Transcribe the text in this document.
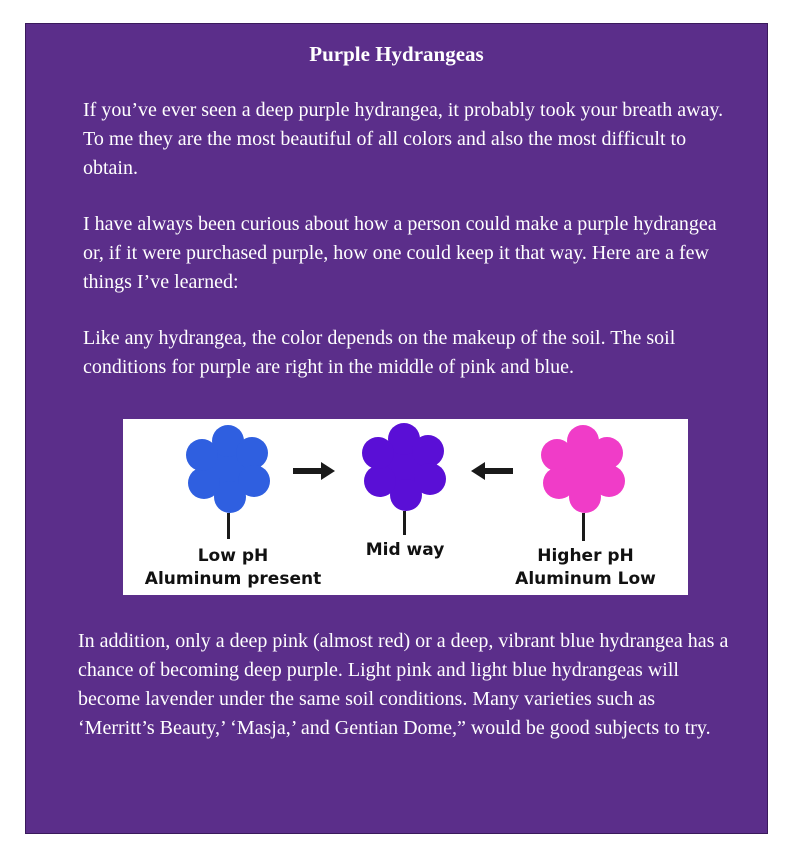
Purple Hydrangeas

If you’ve ever seen a deep purple hydrangea, it probably took your breath away. To me they are the most beautiful of all colors and also the most difficult to obtain.

I have always been curious about how a person could make a purple hydrangea or, if it were purchased purple, how one could keep it that way. Here are a few things I’ve learned:

Like any hydrangea, the color depends on the makeup of the soil. The soil conditions for purple are right in the middle of pink and blue.

Low pH
Aluminum present
Mid way	Higher pH
Aluminum Low

In addition, only a deep pink (almost red) or a deep, vibrant blue hydrangea has a chance of becoming deep purple. Light pink and light blue hydrangeas will become lavender under the same soil conditions. Many varieties such as ‘Merritt’s Beauty,’ ‘Masja,’ and Gentian Dome,” would be good subjects to try.
